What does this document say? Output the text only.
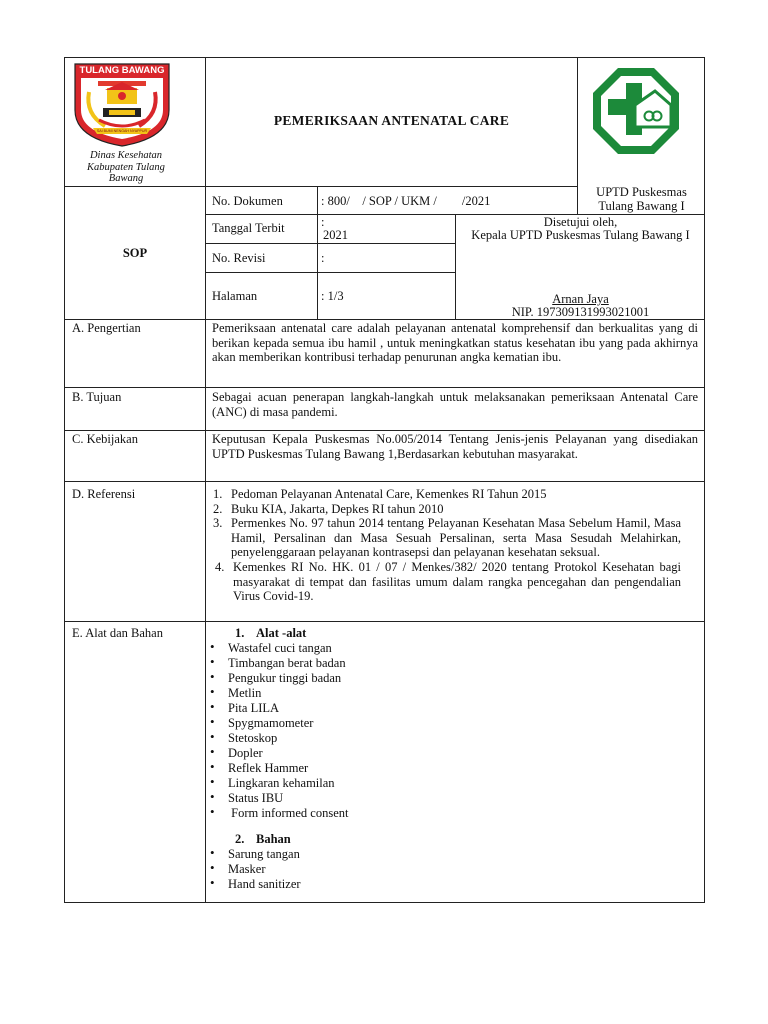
TULANG BAWANG
SAI BUMI NENGAH NYAPPUR
Dinas Kesehatan Kabupaten Tulang Bawang
PEMERIKSAAN ANTENATAL CARE
UPTD Puskesmas Tulang Bawang I
SOP
No. Dokumen	: 800/    / SOP / UKM /        /2021
Tanggal Terbit	:
2021
No. Revisi	:
Halaman	: 1/3
Disetujui oleh,
Kepala UPTD Puskesmas Tulang Bawang I
Arnan Jaya
NIP. 197309131993021001
A. Pengertian	Pemeriksaan antenatal care adalah pelayanan antenatal komprehensif dan berkualitas yang di berikan kepada semua ibu hamil , untuk meningkatkan status kesehatan ibu yang pada akhirnya akan memberikan kontribusi terhadap penurunan angka kematian ibu.
B. Tujuan	Sebagai acuan penerapan langkah-langkah untuk melaksanakan pemeriksaan Antenatal Care (ANC) di masa pandemi.
C. Kebijakan	Keputusan Kepala Puskesmas No.005/2014 Tentang Jenis-jenis Pelayanan yang disediakan UPTD Puskesmas Tulang Bawang 1,Berdasarkan kebutuhan masyarakat.
D. Referensi	1. Pedoman Pelayanan Antenatal Care, Kemenkes RI Tahun 2015
2. Buku KIA, Jakarta, Depkes RI tahun 2010
3. Permenkes No. 97 tahun 2014 tentang Pelayanan Kesehatan Masa Sebelum Hamil, Masa Hamil, Persalinan dan Masa Sesuah Persalinan, serta Masa Sesudah Melahirkan, penyelenggaraan pelayanan kontrasepsi dan pelayanan kesehatan seksual.
4. Kemenkes RI No. HK. 01 / 07 / Menkes/382/ 2020 tentang Protokol Kesehatan bagi masyarakat di tempat dan fasilitas umum dalam rangka pencegahan dan pengendalian Virus Covid-19.
E. Alat dan Bahan	1. Alat -alat
• Wastafel cuci tangan
• Timbangan berat badan
• Pengukur tinggi badan
• Metlin
• Pita LILA
• Spygmamometer
• Stetoskop
• Dopler
• Reflek Hammer
• Lingkaran kehamilan
• Status IBU
•  Form informed consent
2. Bahan
• Sarung tangan
• Masker
• Hand sanitizer
